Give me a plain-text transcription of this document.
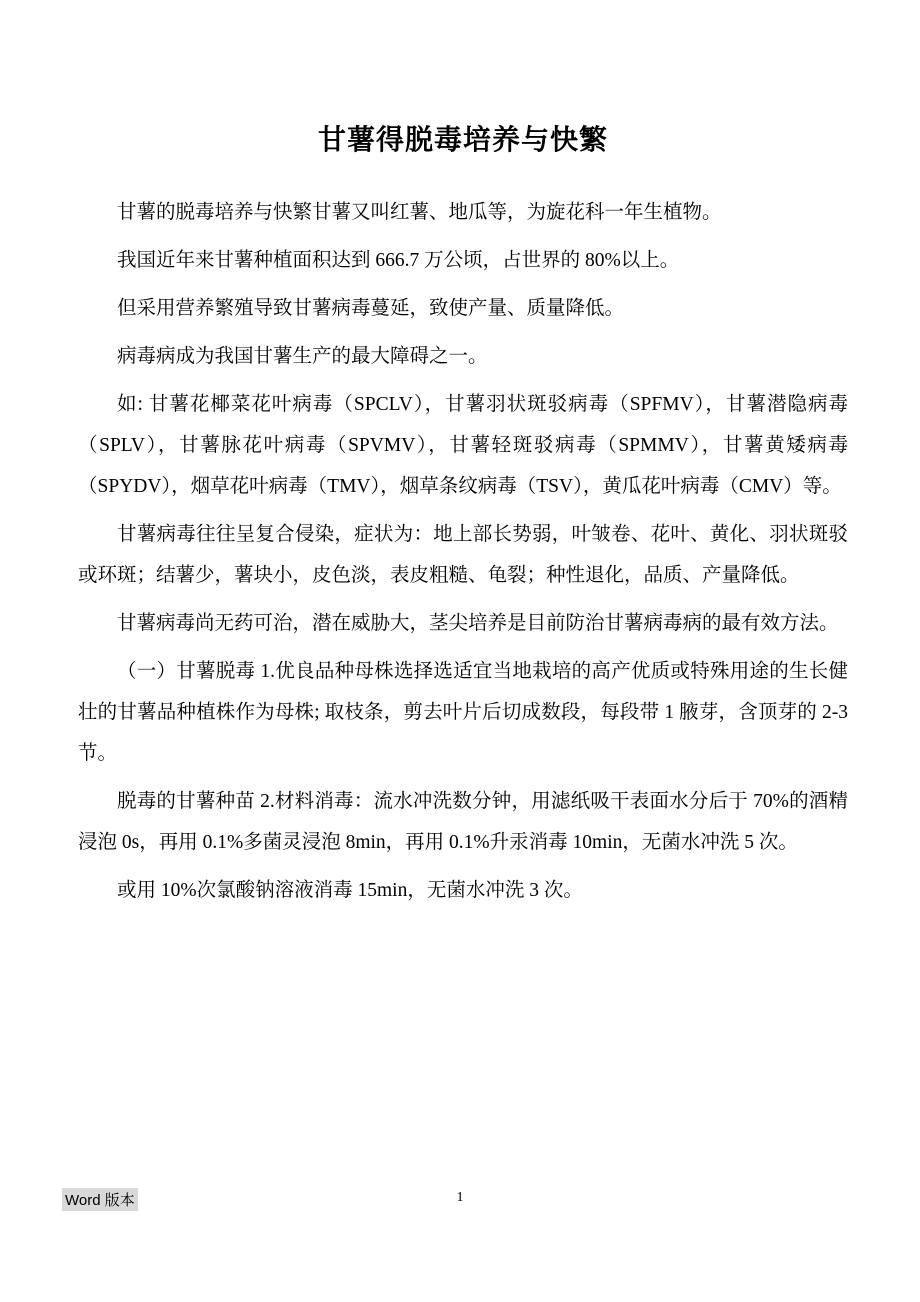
甘薯得脱毒培养与快繁

甘薯的脱毒培养与快繁甘薯又叫红薯、地瓜等，为旋花科一年生植物。

我国近年来甘薯种植面积达到 666.7 万公顷，占世界的 80%以上。

但采用营养繁殖导致甘薯病毒蔓延，致使产量、质量降低。

病毒病成为我国甘薯生产的最大障碍之一。

如: 甘薯花椰菜花叶病毒（SPCLV），甘薯羽状斑驳病毒（SPFMV），甘薯潜隐病毒（SPLV），甘薯脉花叶病毒（SPVMV），甘薯轻斑驳病毒（SPMMV），甘薯黄矮病毒（SPYDV），烟草花叶病毒（TMV），烟草条纹病毒（TSV），黄瓜花叶病毒（CMV）等。

甘薯病毒往往呈复合侵染，症状为：地上部长势弱，叶皱卷、花叶、黄化、羽状斑驳或环斑；结薯少，薯块小，皮色淡，表皮粗糙、龟裂；种性退化，品质、产量降低。

甘薯病毒尚无药可治，潜在威胁大，茎尖培养是目前防治甘薯病毒病的最有效方法。

（一）甘薯脱毒 1.优良品种母株选择选适宜当地栽培的高产优质或特殊用途的生长健壮的甘薯品种植株作为母株; 取枝条，剪去叶片后切成数段，每段带 1 腋芽，含顶芽的 2-3 节。

脱毒的甘薯种苗 2.材料消毒：流水冲洗数分钟，用滤纸吸干表面水分后于 70%的酒精浸泡 0s，再用 0.1%多菌灵浸泡 8min，再用 0.1%升汞消毒 10min，无菌水冲洗 5 次。

或用 10%次氯酸钠溶液消毒 15min，无菌水冲洗 3 次。

Word 版本	1
